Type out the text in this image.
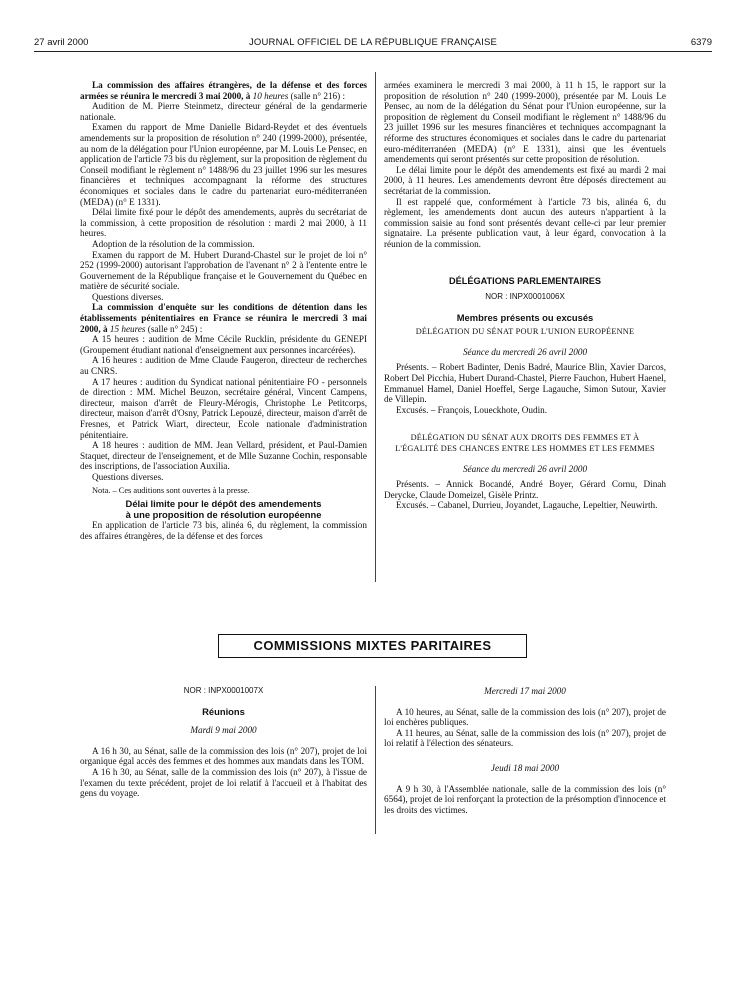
27 avril 2000	JOURNAL OFFICIEL DE LA RÉPUBLIQUE FRANÇAISE	6379

La commission des affaires étrangères, de la défense et des forces armées se réunira le mercredi 3 mai 2000, à 10 heures (salle n° 216) :

Audition de M. Pierre Steinmetz, directeur général de la gendarmerie nationale.

Examen du rapport de Mme Danielle Bidard-Reydet et des éventuels amendements sur la proposition de résolution n° 240 (1999-2000), présentée, au nom de la délégation pour l'Union européenne, par M. Louis Le Pensec, en application de l'article 73 bis du règlement, sur la proposition de règlement du Conseil modifiant le règlement n° 1488/96 du 23 juillet 1996 sur les mesures financières et techniques accompagnant la réforme des structures économiques et sociales dans le cadre du partenariat euro-méditerranéen (MEDA) (n° E 1331).

Délai limite fixé pour le dépôt des amendements, auprès du secrétariat de la commission, à cette proposition de résolution : mardi 2 mai 2000, à 11 heures.

Adoption de la résolution de la commission.

Examen du rapport de M. Hubert Durand-Chastel sur le projet de loi n° 252 (1999-2000) autorisant l'approbation de l'avenant n° 2 à l'entente entre le Gouvernement de la République française et le Gouvernement du Québec en matière de sécurité sociale.

Questions diverses.

La commission d'enquête sur les conditions de détention dans les établissements pénitentiaires en France se réunira le mercredi 3 mai 2000, à 15 heures (salle n° 245) :

A 15 heures : audition de Mme Cécile Rucklin, présidente du GENEPI (Groupement étudiant national d'enseignement aux personnes incarcérées).

A 16 heures : audition de Mme Claude Faugeron, directeur de recherches au CNRS.

A 17 heures : audition du Syndicat national pénitentiaire FO - personnels de direction : MM. Michel Beuzon, secrétaire général, Vincent Campens, directeur, maison d'arrêt de Fleury-Mérogis, Christophe Le Petitcorps, directeur, maison d'arrêt d'Osny, Patrick Lepouzé, directeur, maison d'arrêt de Fresnes, et Patrick Wiart, directeur, Ecole nationale d'administration pénitentiaire.

A 18 heures : audition de MM. Jean Vellard, président, et Paul-Damien Staquet, directeur de l'enseignement, et de Mlle Suzanne Cochin, responsable des inscriptions, de l'association Auxilia.

Questions diverses.

Nota. – Ces auditions sont ouvertes à la presse.

Délai limite pour le dépôt des amendements

à une proposition de résolution européenne

En application de l'article 73 bis, alinéa 6, du règlement, la commission des affaires étrangères, de la défense et des forces

armées examinera le mercredi 3 mai 2000, à 11 h 15, le rapport sur la proposition de résolution n° 240 (1999-2000), présentée par M. Louis Le Pensec, au nom de la délégation du Sénat pour l'Union européenne, sur la proposition de règlement du Conseil modifiant le règlement n° 1488/96 du 23 juillet 1996 sur les mesures financières et techniques accompagnant la réforme des structures économiques et sociales dans le cadre du partenariat euro-méditerranéen (MEDA) (n° E 1331), ainsi que les éventuels amendements qui seront présentés sur cette proposition de résolution.

Le délai limite pour le dépôt des amendements est fixé au mardi 2 mai 2000, à 11 heures. Les amendements devront être déposés directement au secrétariat de la commission.

Il est rappelé que, conformément à l'article 73 bis, alinéa 6, du règlement, les amendements dont aucun des auteurs n'appartient à la commission saisie au fond sont présentés devant celle-ci par leur premier signataire. La présente publication vaut, à leur égard, convocation à la réunion de la commission.

DÉLÉGATIONS PARLEMENTAIRES

NOR : INPX0001006X

Membres présents ou excusés

DÉLÉGATION DU SÉNAT POUR L'UNION EUROPÉENNE

Séance du mercredi 26 avril 2000

Présents. – Robert Badinter, Denis Badré, Maurice Blin, Xavier Darcos, Robert Del Picchia, Hubert Durand-Chastel, Pierre Fauchon, Hubert Haenel, Emmanuel Hamel, Daniel Hoeffel, Serge Lagauche, Simon Sutour, Xavier de Villepin.

Excusés. – François, Loueckhote, Oudin.

DÉLÉGATION DU SÉNAT AUX DROITS DES FEMMES ET À L'ÉGALITÉ DES CHANCES ENTRE LES HOMMES ET LES FEMMES

Séance du mercredi 26 avril 2000

Présents. – Annick Bocandé, André Boyer, Gérard Cornu, Dinah Derycke, Claude Domeizel, Gisèle Printz.

Excusés. – Cabanel, Durrieu, Joyandet, Lagauche, Lepeltier, Neuwirth.

COMMISSIONS MIXTES PARITAIRES

NOR : INPX0001007X

Réunions

Mardi 9 mai 2000

A 16 h 30, au Sénat, salle de la commission des lois (n° 207), projet de loi organique égal accès des femmes et des hommes aux mandats dans les TOM.

A 16 h 30, au Sénat, salle de la commission des lois (n° 207), à l'issue de l'examen du texte précédent, projet de loi relatif à l'accueil et à l'habitat des gens du voyage.

Mercredi 17 mai 2000

A 10 heures, au Sénat, salle de la commission des lois (n° 207), projet de loi enchères publiques.

A 11 heures, au Sénat, salle de la commission des lois (n° 207), projet de loi relatif à l'élection des sénateurs.

Jeudi 18 mai 2000

A 9 h 30, à l'Assemblée nationale, salle de la commission des lois (n° 6564), projet de loi renforçant la protection de la présomption d'innocence et les droits des victimes.
